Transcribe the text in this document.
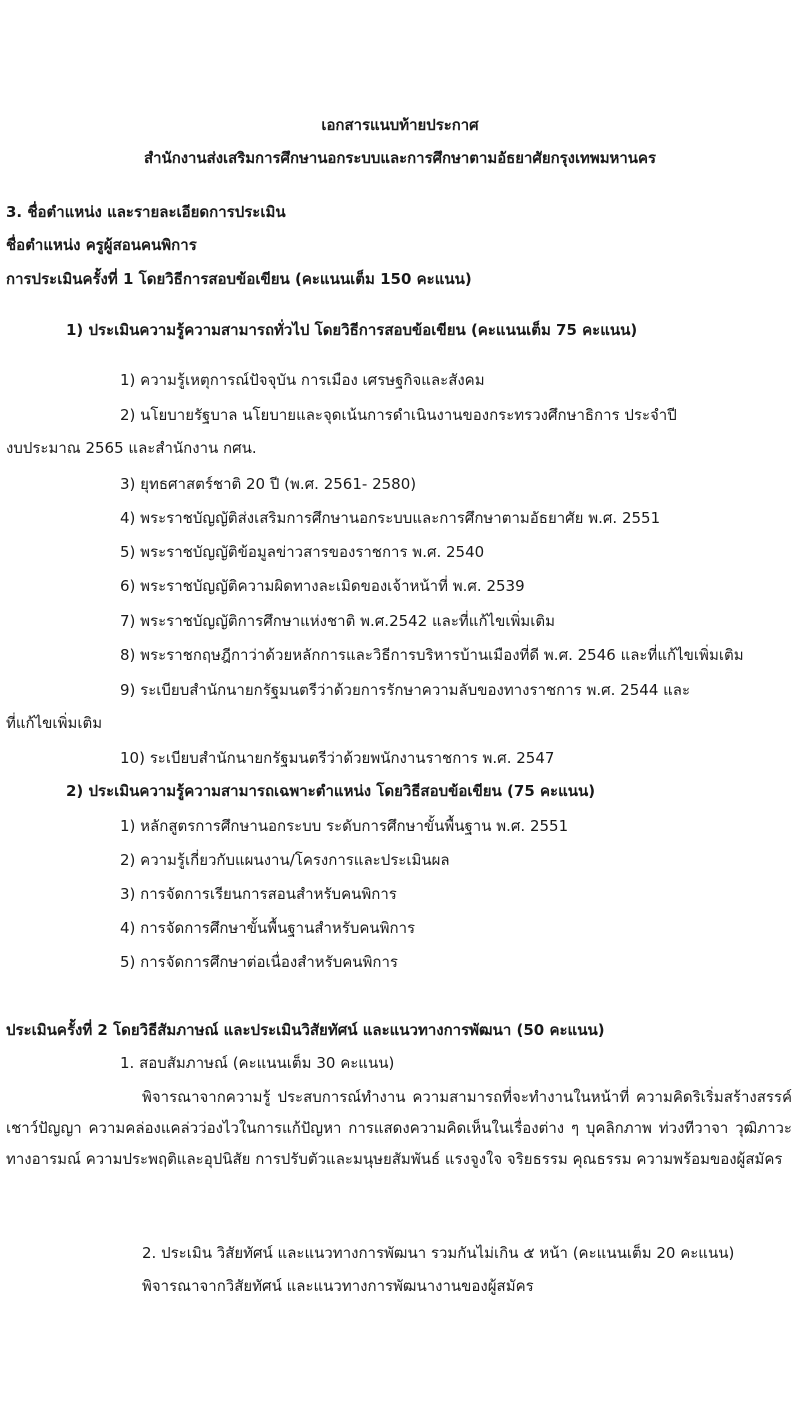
เอกสารแนบท้ายประกาศ
สำนักงานส่งเสริมการศึกษานอกระบบและการศึกษาตามอัธยาศัยกรุงเทพมหานคร
3. ชื่อตำแหน่ง และรายละเอียดการประเมิน
ชื่อตำแหน่ง ครูผู้สอนคนพิการ
การประเมินครั้งที่ 1 โดยวิธีการสอบข้อเขียน (คะแนนเต็ม 150 คะแนน)
1) ประเมินความรู้ความสามารถทั่วไป โดยวิธีการสอบข้อเขียน (คะแนนเต็ม 75 คะแนน)
1) ความรู้เหตุการณ์ปัจจุบัน การเมือง เศรษฐกิจและสังคม
2) นโยบายรัฐบาล นโยบายและจุดเน้นการดำเนินงานของกระทรวงศึกษาธิการ ประจำปี
งบประมาณ 2565 และสำนักงาน กศน.
3) ยุทธศาสตร์ชาติ 20 ปี (พ.ศ. 2561- 2580)
4) พระราชบัญญัติส่งเสริมการศึกษานอกระบบและการศึกษาตามอัธยาศัย พ.ศ. 2551
5) พระราชบัญญัติข้อมูลข่าวสารของราชการ พ.ศ. 2540
6) พระราชบัญญัติความผิดทางละเมิดของเจ้าหน้าที่ พ.ศ. 2539
7) พระราชบัญญัติการศึกษาแห่งชาติ พ.ศ.2542 และที่แก้ไขเพิ่มเติม
8) พระราชกฤษฎีกาว่าด้วยหลักการและวิธีการบริหารบ้านเมืองที่ดี พ.ศ. 2546 และที่แก้ไขเพิ่มเติม
9) ระเบียบสำนักนายกรัฐมนตรีว่าด้วยการรักษาความลับของทางราชการ พ.ศ. 2544 และ
ที่แก้ไขเพิ่มเติม
10) ระเบียบสำนักนายกรัฐมนตรีว่าด้วยพนักงานราชการ พ.ศ. 2547
2) ประเมินความรู้ความสามารถเฉพาะตำแหน่ง โดยวิธีสอบข้อเขียน (75 คะแนน)
1) หลักสูตรการศึกษานอกระบบ ระดับการศึกษาขั้นพื้นฐาน พ.ศ. 2551
2) ความรู้เกี่ยวกับแผนงาน/โครงการและประเมินผล
3) การจัดการเรียนการสอนสำหรับคนพิการ
4) การจัดการศึกษาขั้นพื้นฐานสำหรับคนพิการ
5) การจัดการศึกษาต่อเนื่องสำหรับคนพิการ
ประเมินครั้งที่ 2 โดยวิธีสัมภาษณ์ และประเมินวิสัยทัศน์ และแนวทางการพัฒนา (50 คะแนน)
1. สอบสัมภาษณ์ (คะแนนเต็ม 30 คะแนน)
พิจารณาจากความรู้ ประสบการณ์ทำงาน ความสามารถที่จะทำงานในหน้าที่ ความคิดริเริ่มสร้างสรรค์ เชาว์ปัญญา ความคล่องแคล่วว่องไวในการแก้ปัญหา การแสดงความคิดเห็นในเรื่องต่าง ๆ บุคลิกภาพ ท่วงทีวาจา วุฒิภาวะทางอารมณ์ ความประพฤติและอุปนิสัย การปรับตัวและมนุษยสัมพันธ์ แรงจูงใจ จริยธรรม คุณธรรม ความพร้อมของผู้สมัคร
2. ประเมิน วิสัยทัศน์ และแนวทางการพัฒนา รวมกันไม่เกิน ๕ หน้า (คะแนนเต็ม 20 คะแนน)
พิจารณาจากวิสัยทัศน์ และแนวทางการพัฒนางานของผู้สมัคร
